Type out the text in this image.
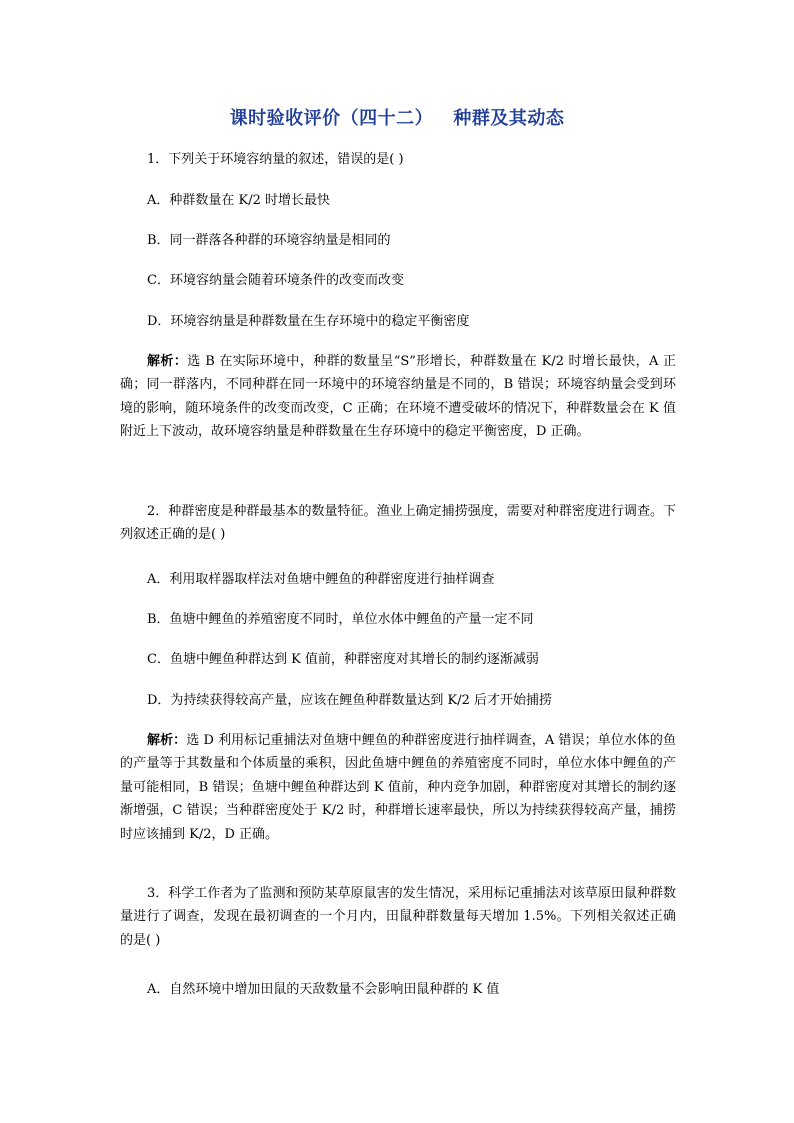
课时验收评价（四十二）   种群及其动态
1．下列关于环境容纳量的叙述，错误的是( )
A．种群数量在 K/2 时增长最快
B．同一群落各种群的环境容纳量是相同的
C．环境容纳量会随着环境条件的改变而改变
D．环境容纳量是种群数量在生存环境中的稳定平衡密度
解析：选 B 在实际环境中，种群的数量呈“S”形增长，种群数量在 K/2 时增长最快，A 正确；同一群落内，不同种群在同一环境中的环境容纳量是不同的，B 错误；环境容纳量会受到环境的影响，随环境条件的改变而改变，C 正确；在环境不遭受破坏的情况下，种群数量会在 K 值附近上下波动，故环境容纳量是种群数量在生存环境中的稳定平衡密度，D 正确。
2．种群密度是种群最基本的数量特征。渔业上确定捕捞强度，需要对种群密度进行调查。下列叙述正确的是( )
A．利用取样器取样法对鱼塘中鲤鱼的种群密度进行抽样调查
B．鱼塘中鲤鱼的养殖密度不同时，单位水体中鲤鱼的产量一定不同
C．鱼塘中鲤鱼种群达到 K 值前，种群密度对其增长的制约逐渐减弱
D．为持续获得较高产量，应该在鲤鱼种群数量达到 K/2 后才开始捕捞
解析：选 D 利用标记重捕法对鱼塘中鲤鱼的种群密度进行抽样调查，A 错误；单位水体的鱼的产量等于其数量和个体质量的乘积，因此鱼塘中鲤鱼的养殖密度不同时，单位水体中鲤鱼的产量可能相同，B 错误；鱼塘中鲤鱼种群达到 K 值前，种内竞争加剧，种群密度对其增长的制约逐渐增强，C 错误；当种群密度处于 K/2 时，种群增长速率最快，所以为持续获得较高产量，捕捞时应该捕到 K/2，D 正确。
3．科学工作者为了监测和预防某草原鼠害的发生情况，采用标记重捕法对该草原田鼠种群数量进行了调查，发现在最初调查的一个月内，田鼠种群数量每天增加 1.5%。下列相关叙述正确的是( )
A．自然环境中增加田鼠的天敌数量不会影响田鼠种群的 K 值
